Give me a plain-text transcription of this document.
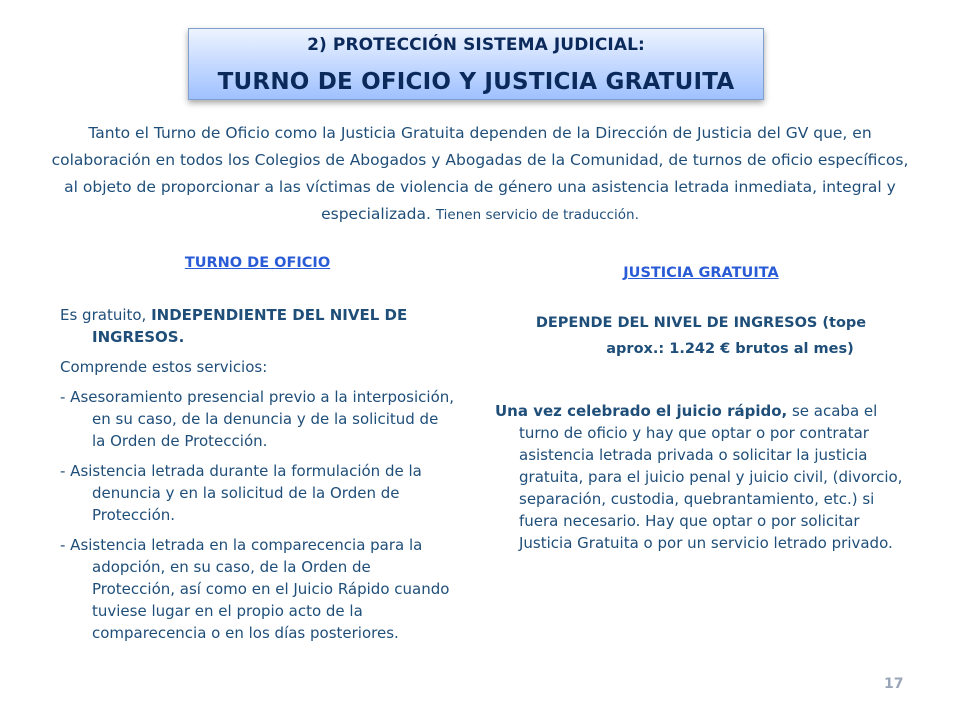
2) PROTECCIÓN SISTEMA JUDICIAL:
TURNO DE OFICIO Y JUSTICIA GRATUITA
Tanto el Turno de Oficio como la Justicia Gratuita dependen de la Dirección de Justicia del GV que, en colaboración en todos los Colegios de Abogados y Abogadas de la Comunidad, de turnos de oficio específicos, al objeto de proporcionar a las víctimas de violencia de género una asistencia letrada inmediata, integral y especializada. Tienen servicio de traducción.
TURNO DE OFICIO

Es gratuito, INDEPENDIENTE DEL NIVEL DE INGRESOS.

Comprende estos servicios:

- Asesoramiento presencial previo a la interposición, en su caso, de la denuncia y de la solicitud de la Orden de Protección.

- Asistencia letrada durante la formulación de la denuncia y en la solicitud de la Orden de Protección.

- Asistencia letrada en la comparecencia para la adopción, en su caso, de la Orden de Protección, así como en el Juicio Rápido cuando tuviese lugar en el propio acto de la comparecencia o en los días posteriores.

JUSTICIA GRATUITA
DEPENDE DEL NIVEL DE INGRESOS (tope
aprox.: 1.242 € brutos al mes)

Una vez celebrado el juicio rápido, se acaba el turno de oficio y hay que optar o por contratar asistencia letrada privada o solicitar la justicia gratuita, para el juicio penal y juicio civil, (divorcio, separación, custodia, quebrantamiento, etc.) si fuera necesario. Hay que optar o por solicitar Justicia Gratuita o por un servicio letrado privado.

17
